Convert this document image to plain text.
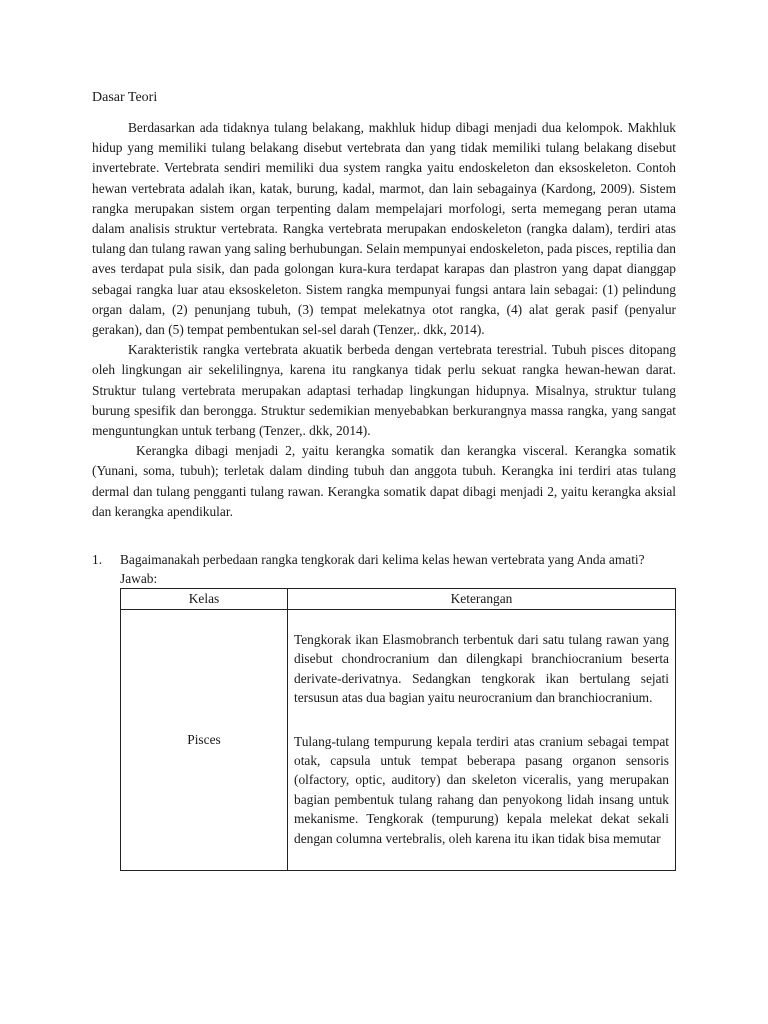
Dasar Teori

Berdasarkan ada tidaknya tulang belakang, makhluk hidup dibagi menjadi dua kelompok. Makhluk hidup yang memiliki tulang belakang disebut vertebrata dan yang tidak memiliki tulang belakang disebut invertebrate. Vertebrata sendiri memiliki dua system rangka yaitu endoskeleton dan eksoskeleton. Contoh hewan vertebrata adalah ikan, katak, burung, kadal, marmot, dan lain sebagainya (Kardong, 2009). Sistem rangka merupakan sistem organ terpenting dalam mempelajari morfologi, serta memegang peran utama dalam analisis struktur vertebrata. Rangka vertebrata merupakan endoskeleton (rangka dalam), terdiri atas tulang dan tulang rawan yang saling berhubungan. Selain mempunyai endoskeleton, pada pisces, reptilia dan aves terdapat pula sisik, dan pada golongan kura-kura terdapat karapas dan plastron yang dapat dianggap sebagai rangka luar atau eksoskeleton. Sistem rangka mempunyai fungsi antara lain sebagai: (1) pelindung organ dalam, (2) penunjang tubuh, (3) tempat melekatnya otot rangka, (4) alat gerak pasif (penyalur gerakan), dan (5) tempat pembentukan sel-sel darah (Tenzer,. dkk, 2014).

Karakteristik rangka vertebrata akuatik berbeda dengan vertebrata terestrial. Tubuh pisces ditopang oleh lingkungan air sekelilingnya, karena itu rangkanya tidak perlu sekuat rangka hewan-hewan darat. Struktur tulang vertebrata merupakan adaptasi terhadap lingkungan hidupnya. Misalnya, struktur tulang burung spesifik dan berongga. Struktur sedemikian menyebabkan berkurangnya massa rangka, yang sangat menguntungkan untuk terbang (Tenzer,. dkk, 2014).

Kerangka dibagi menjadi 2, yaitu kerangka somatik dan kerangka visceral. Kerangka somatik (Yunani, soma, tubuh); terletak dalam dinding tubuh dan anggota tubuh. Kerangka ini terdiri atas tulang dermal dan tulang pengganti tulang rawan. Kerangka somatik dapat dibagi menjadi 2, yaitu kerangka aksial dan kerangka apendikular.

1.	Bagaimanakah perbedaan rangka tengkorak dari kelima kelas hewan vertebrata yang Anda amati?
Jawab:
Kelas	Keterangan
Pisces	Tengkorak ikan Elasmobranch terbentuk dari satu tulang rawan yang disebut chondrocranium dan dilengkapi branchiocranium beserta derivate-derivatnya. Sedangkan tengkorak ikan bertulang sejati tersusun atas dua bagian yaitu neurocranium dan branchiocranium.

Tulang-tulang tempurung kepala terdiri atas cranium sebagai tempat otak, capsula untuk tempat beberapa pasang organon sensoris (olfactory, optic, auditory) dan skeleton viceralis, yang merupakan bagian pembentuk tulang rahang dan penyokong lidah insang untuk mekanisme. Tengkorak (tempurung) kepala melekat dekat sekali dengan columna vertebralis, oleh karena itu ikan tidak bisa memutar
